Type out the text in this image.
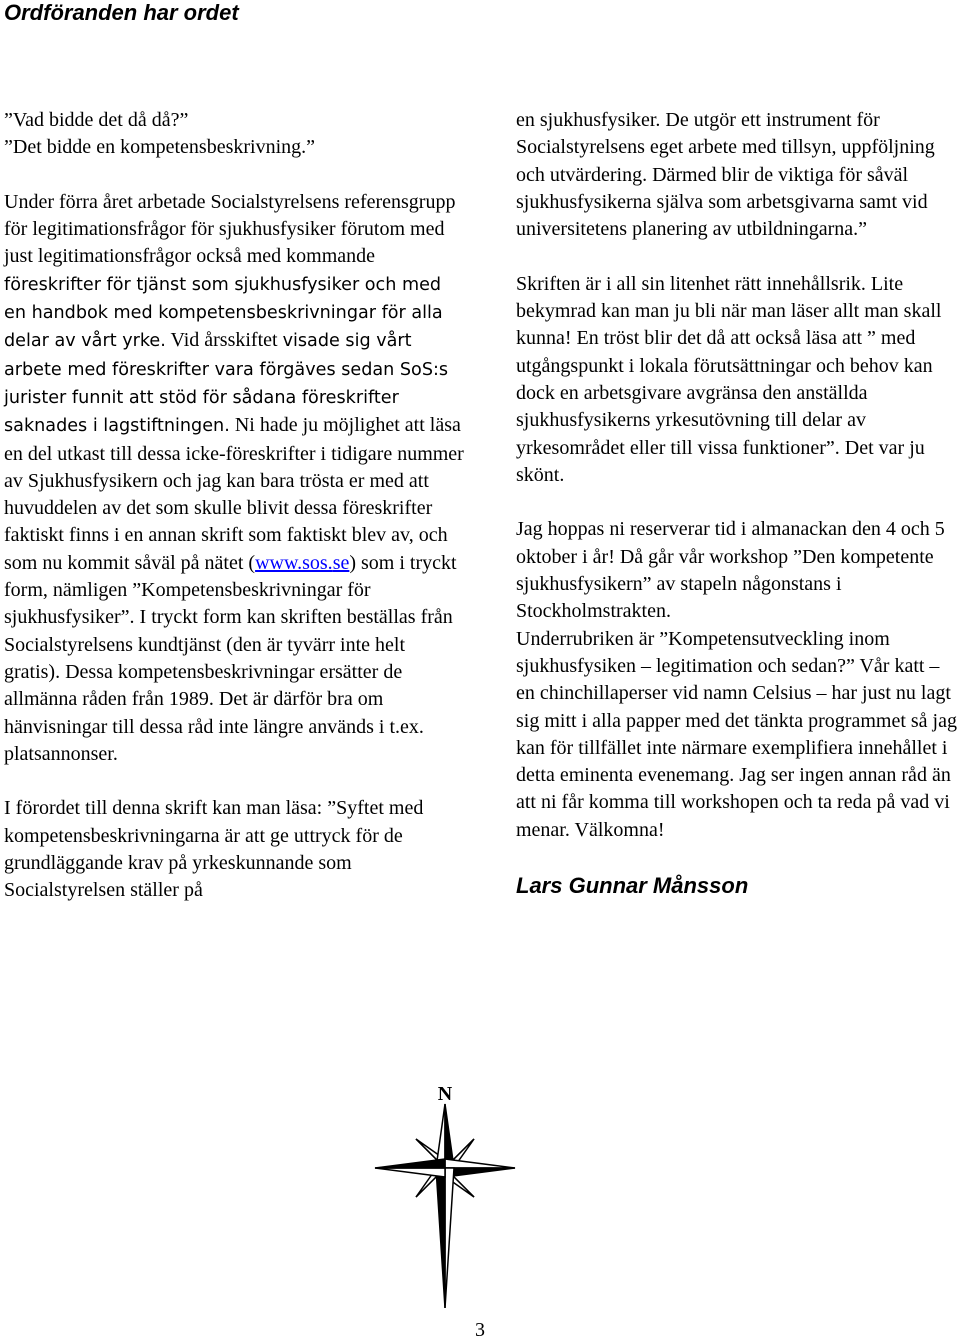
Ordföranden har ordet

”Vad bidde det då då?”

”Det bidde en kompetensbeskrivning.”

Under förra året arbetade Socialstyrelsens referensgrupp för legitimationsfrågor för sjukhusfysiker förutom med just legitimationsfrågor också med kommande föreskrifter för tjänst som sjukhusfysiker och med en handbok med kompetensbeskrivningar för alla delar av vårt yrke. Vid årsskiftet visade sig vårt arbete med föreskrifter vara förgäves sedan SoS:s jurister funnit att stöd för sådana föreskrifter saknades i lagstiftningen. Ni hade ju möjlighet att läsa en del utkast till dessa icke-föreskrifter i tidigare nummer av Sjukhusfysikern och jag kan bara trösta er med att huvuddelen av det som skulle blivit dessa föreskrifter faktiskt finns i en annan skrift som faktiskt blev av, och som nu kommit såväl på nätet (www.sos.se) som i tryckt form, nämligen ”Kompetensbeskrivningar för sjukhusfysiker”. I tryckt form kan skriften beställas från Socialstyrelsens kundtjänst (den är tyvärr inte helt gratis). Dessa kompetensbeskrivningar ersätter de allmänna råden från 1989. Det är därför bra om hänvisningar till dessa råd inte längre används i t.ex. platsannonser.

I förordet till denna skrift kan man läsa: ”Syftet med kompetensbeskrivningarna är att ge uttryck för de grundläggande krav på yrkeskunnande som Socialstyrelsen ställer på

en sjukhusfysiker. De utgör ett instrument för Socialstyrelsens eget arbete med tillsyn, uppföljning och utvärdering. Därmed blir de viktiga för såväl sjukhusfysikerna själva som arbetsgivarna samt vid universitetens planering av utbildningarna.”

Skriften är i all sin litenhet rätt innehållsrik. Lite bekymrad kan man ju bli när man läser allt man skall kunna! En tröst blir det då att också läsa att ” med utgångspunkt i lokala förutsättningar och behov kan dock en arbetsgivare avgränsa den anställda sjukhusfysikerns yrkesutövning till delar av yrkesområdet eller till vissa funktioner”. Det var ju skönt.

Jag hoppas ni reserverar tid i almanackan den 4 och 5 oktober i år! Då går vår workshop ”Den kompetente sjukhusfysikern” av stapeln någonstans i Stockholmstrakten.

Underrubriken är ”Kompetensutveckling inom sjukhusfysiken – legitimation och sedan?” Vår katt – en chinchillaperser vid namn Celsius – har just nu lagt sig mitt i alla papper med det tänkta programmet så jag kan för tillfället inte närmare exemplifiera innehållet i detta eminenta evenemang. Jag ser ingen annan råd än att ni får komma till workshopen och ta reda på vad vi menar. Välkomna!

Lars Gunnar Månsson
N

3
